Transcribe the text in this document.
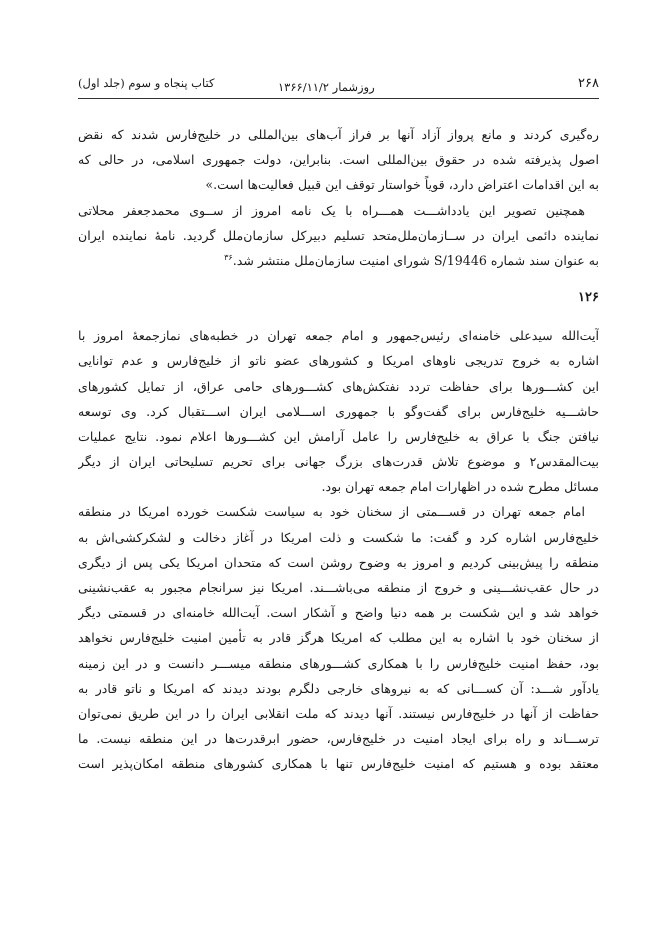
۲۶۸
روزشمار ۱۳۶۶/۱۱/۲
کتاب پنجاه و سوم (جلد اول)
ره‌گیری کردند و مانع پرواز آزاد آنها بر فراز آب‌های بین‌المللی در خلیج‌فارس شدند که نقض
اصول پذیرفته شده در حقوق بین‌المللی است. بنابراین، دولت جمهوری اسلامی، در حالی که
به این اقدامات اعتراض دارد، قویاً خواستار توقف این قبیل فعالیت‌ها است.»
همچنین تصویر این یادداشـــت همـــراه با یک نامه امروز از ســوی محمدجعفر محلاتی
نماینده دائمی ایران در ســازمان‌ملل‌متحد تسلیم دبیرکل سازمان‌ملل گردید. نامهٔ نماینده ایران
به عنوان سند شماره S/19446 شورای امنیت سازمان‌ملل منتشر شد.$^{۳۶}$
۱۲۶
آیت‌الله سیدعلی خامنه‌ای رئیس‌جمهور و امام جمعه تهران در خطبه‌های نمازجمعهٔ امروز با
اشاره به خروج تدریجی ناوهای امریکا و کشورهای عضو ناتو از خلیج‌فارس و عدم توانایی
این کشـــورها برای حفاظت تردد نفتکش‌های کشـــورهای حامی عراق، از تمایل کشورهای
حاشـــیه خلیج‌فارس برای گفت‌وگو با جمهوری اســـلامی ایران اســـتقبال کرد. وی توسعه
نیافتن جنگ با عراق به خلیج‌فارس را عامل آرامش این کشـــورها اعلام نمود. نتایج عملیات
بیت‌المقدس۲ و موضوع تلاش قدرت‌های بزرگ جهانی برای تحریم تسلیحاتی ایران از دیگر
مسائل مطرح شده در اظهارات امام جمعه تهران بود.
امام جمعه تهران در قســـمتی از سخنان خود به سیاست شکست خورده امریکا در منطقه
خلیج‌فارس اشاره کرد و گفت: ما شکست و ذلت امریکا در آغاز دخالت و لشکرکشی‌اش به
منطقه را پیش‌بینی کردیم و امروز به وضوح روشن است که متحدان امریکا یکی پس از دیگری
در حال عقب‌نشـــینی و خروج از منطقه می‌باشـــند. امریکا نیز سرانجام مجبور به عقب‌نشینی
خواهد شد و این شکست بر همه دنیا واضح و آشکار است. آیت‌الله خامنه‌ای در قسمتی دیگر
از سخنان خود با اشاره به این مطلب که امریکا هرگز قادر به تأمین امنیت خلیج‌فارس نخواهد
بود، حفظ امنیت خلیج‌فارس را با همکاری کشـــورهای منطقه میســـر دانست و در این زمینه
یادآور شـــد: آن کســـانی که به نیروهای خارجی دلگرم بودند دیدند که امریکا و ناتو قادر به
حفاظت از آنها در خلیج‌فارس نیستند. آنها دیدند که ملت انقلابی ایران را در این طریق نمی‌توان
ترســـاند و راه برای ایجاد امنیت در خلیج‌فارس، حضور ابرقدرت‌ها در این منطقه نیست. ما
معتقد بوده و هستیم که امنیت خلیج‌فارس تنها با همکاری کشورهای منطقه امکان‌پذیر است
